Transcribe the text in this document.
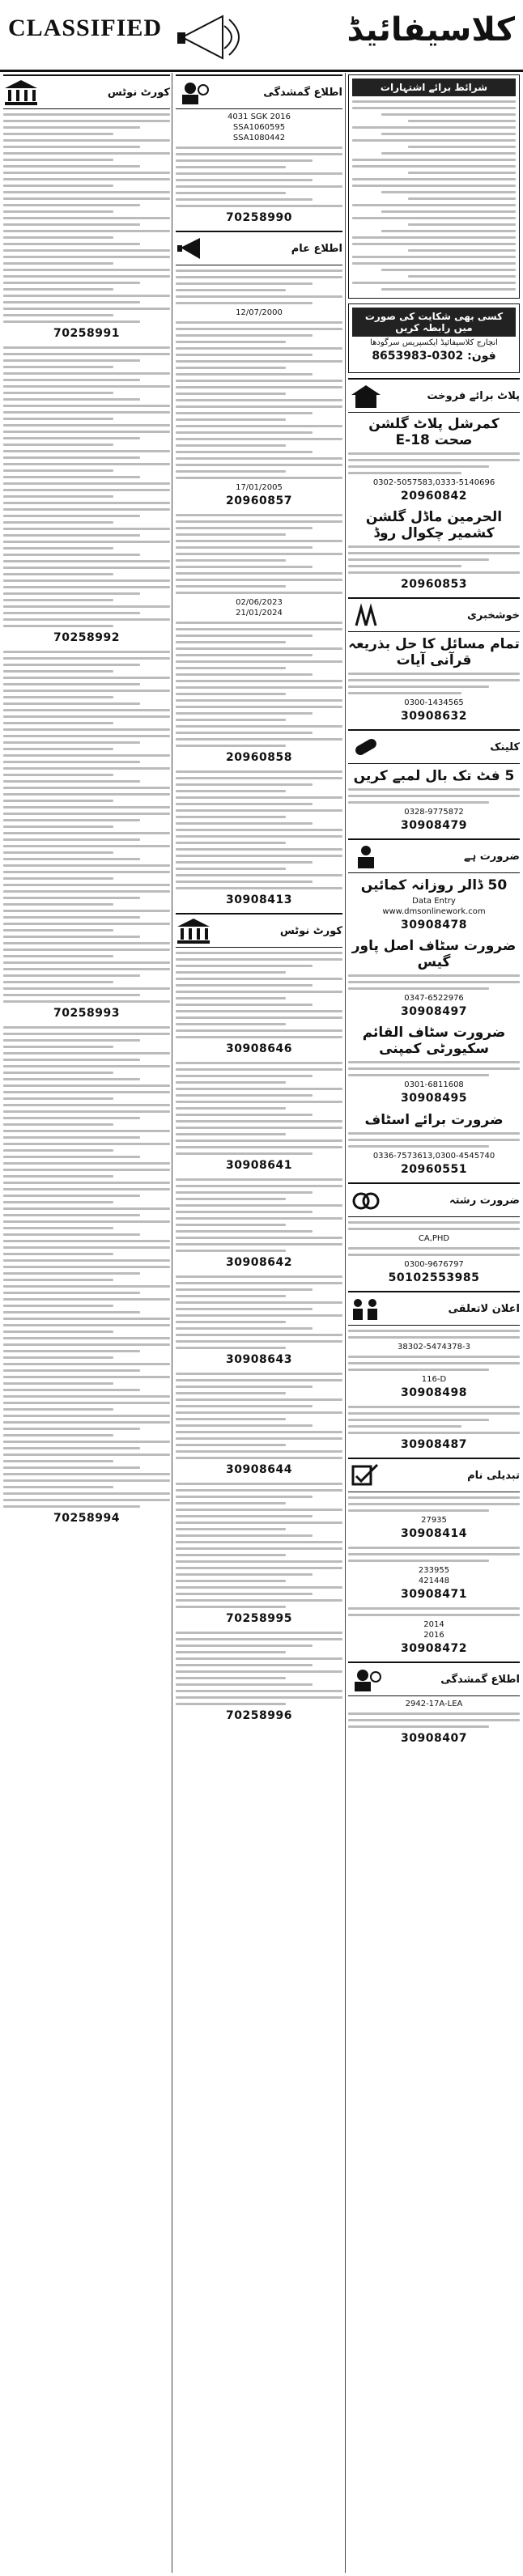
CLASSIFIED	کلاسیفائیڈ
کورٹ نوٹس
70258991
70258992
70258993
70258994
اطلاع گمشدگی
4031 SGK 2016
SSA1060595
SSA1080442
70258990
اطلاع عام
12/07/2000
17/01/2005
20960857
02/06/2023
21/01/2024
20960858
30908413
کورٹ نوٹس
30908646
30908641
30908642
30908643
30908644
70258995
70258996
شرائط برائے اشتہارات
کسی بھی شکایت کی صورت میں رابطہ کریں
انچارج کلاسیفائیڈ ایکسپریس سرگودھا
فون: 0302-8653983
پلاٹ برائے فروخت
کمرشل پلاٹ گلشن صحت E-18
0302-5057583,0333-5140696
20960842
الحرمین ماڈل گلشن کشمیر چکوال روڈ
20960853
خوشخبری
تمام مسائل کا حل بذریعہ قرآنی آیات
0300-1434565
30908632
کلینک
5 فٹ تک بال لمبے کریں
0328-9775872
30908479
ضرورت ہے
50 ڈالر روزانہ کمائیں
Data Entry
www.dmsonlinework.com
30908478
ضرورت سٹاف اصل پاور گیس
0347-6522976
30908497
ضرورت سٹاف القائم سکیورٹی کمپنی
0301-6811608
30908495
ضرورت برائے اسٹاف
0336-7573613,0300-4545740
20960551
ضرورت رشتہ
CA,PHD
0300-9676797
50102553985
اعلان لاتعلقی
38302-5474378-3
116-D
30908498
30908487
تبدیلی نام
27935
30908414
233955
421448
30908471
2014
2016
30908472
اطلاع گمشدگی
2942-17A-LEA
30908407
